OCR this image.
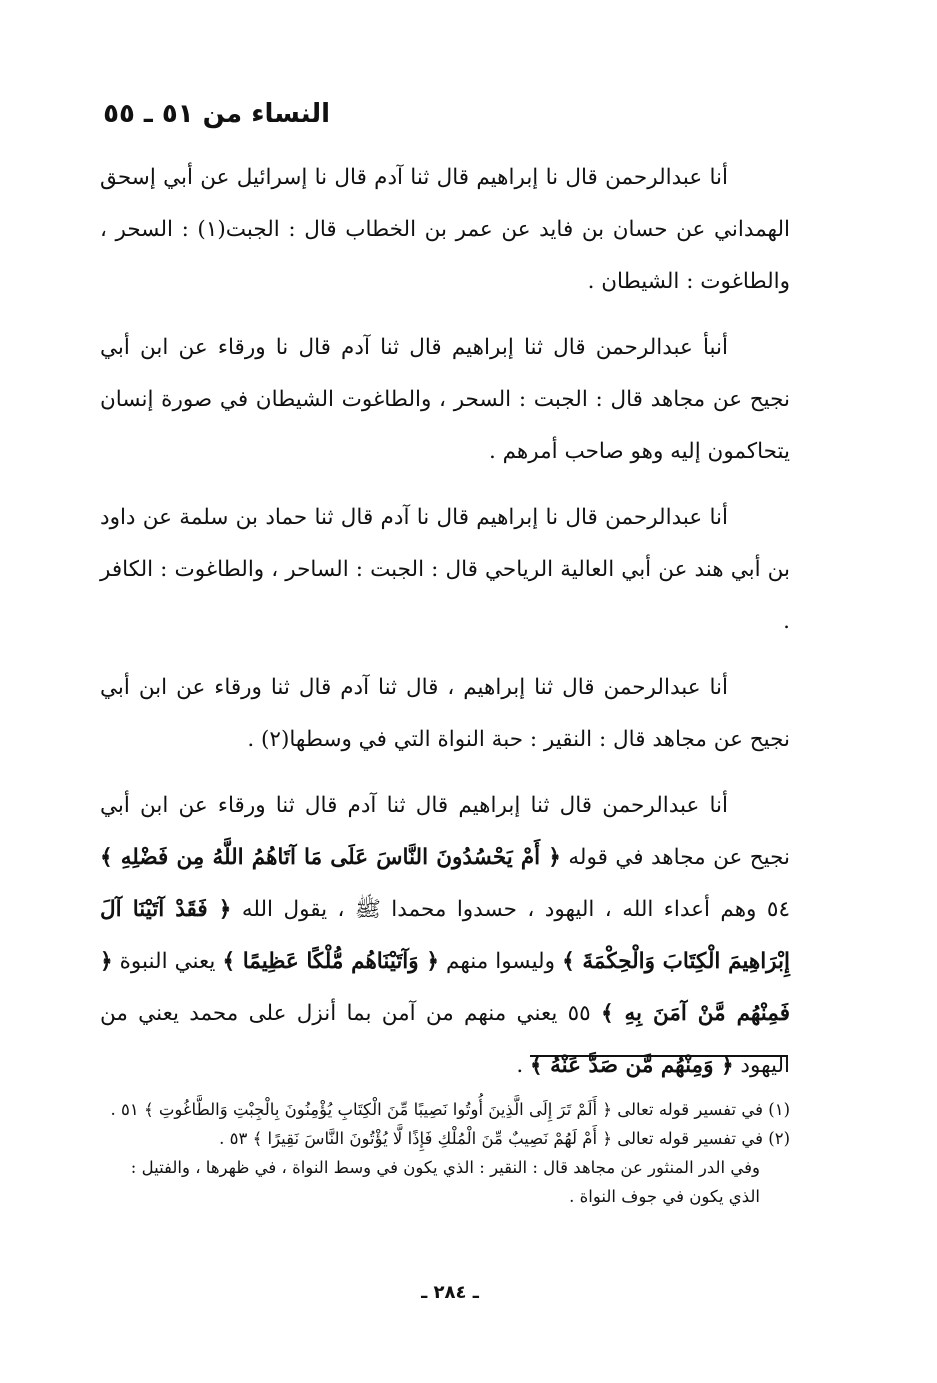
النساء من ٥١ ـ ٥٥

أنا عبدالرحمن قال نا إبراهيم قال ثنا آدم قال نا إسرائيل عن أبي إسحق الهمداني عن حسان بن فايد عن عمر بن الخطاب قال : الجبت(١) : السحر ، والطاغوت : الشيطان .

أنبأ عبدالرحمن قال ثنا إبراهيم قال ثنا آدم قال نا ورقاء عن ابن أبي نجيح عن مجاهد قال : الجبت : السحر ، والطاغوت الشيطان في صورة إنسان يتحاكمون إليه وهو صاحب أمرهم .

أنا عبدالرحمن قال نا إبراهيم قال نا آدم قال ثنا حماد بن سلمة عن داود بن أبي هند عن أبي العالية الرياحي قال : الجبت : الساحر ، والطاغوت : الكافر .

أنا عبدالرحمن قال ثنا إبراهيم ، قال ثنا آدم قال ثنا ورقاء عن ابن أبي نجيح عن مجاهد قال : النقير : حبة النواة التي في وسطها(٢) .

أنا عبدالرحمن قال ثنا إبراهيم قال ثنا آدم قال ثنا ورقاء عن ابن أبي نجيح عن مجاهد في قوله ﴿ أَمْ يَحْسُدُونَ النَّاسَ عَلَى مَا آتَاهُمُ اللَّهُ مِن فَضْلِهِ ﴾ ٥٤ وهم أعداء الله ، اليهود ، حسدوا محمدا ﷺ ، يقول الله ﴿ فَقَدْ آتَيْنَا آلَ إِبْرَاهِيمَ الْكِتَابَ وَالْحِكْمَةَ ﴾ وليسوا منهم ﴿ وَآتَيْنَاهُم مُّلْكًا عَظِيمًا ﴾ يعني النبوة ﴿ فَمِنْهُم مَّنْ آمَنَ بِهِ ﴾ ٥٥ يعني منهم من آمن بما أنزل على محمد يعني من اليهود ﴿ وَمِنْهُم مَّن صَدَّ عَنْهُ ﴾ .

(١) في تفسير قوله تعالى ﴿ أَلَمْ تَرَ إِلَى الَّذِينَ أُوتُوا نَصِيبًا مِّنَ الْكِتَابِ يُؤْمِنُونَ بِالْجِبْتِ وَالطَّاغُوتِ ﴾ ٥١ .

(٢) في تفسير قوله تعالى ﴿ أَمْ لَهُمْ نَصِيبٌ مِّنَ الْمُلْكِ فَإِذًا لَّا يُؤْتُونَ النَّاسَ نَقِيرًا ﴾ ٥٣ .

وفي الدر المنثور عن مجاهد قال : النقير : الذي يكون في وسط النواة ، في ظهرها ، والفتيل : الذي يكون في جوف النواة .

ـ ٢٨٤ ـ
